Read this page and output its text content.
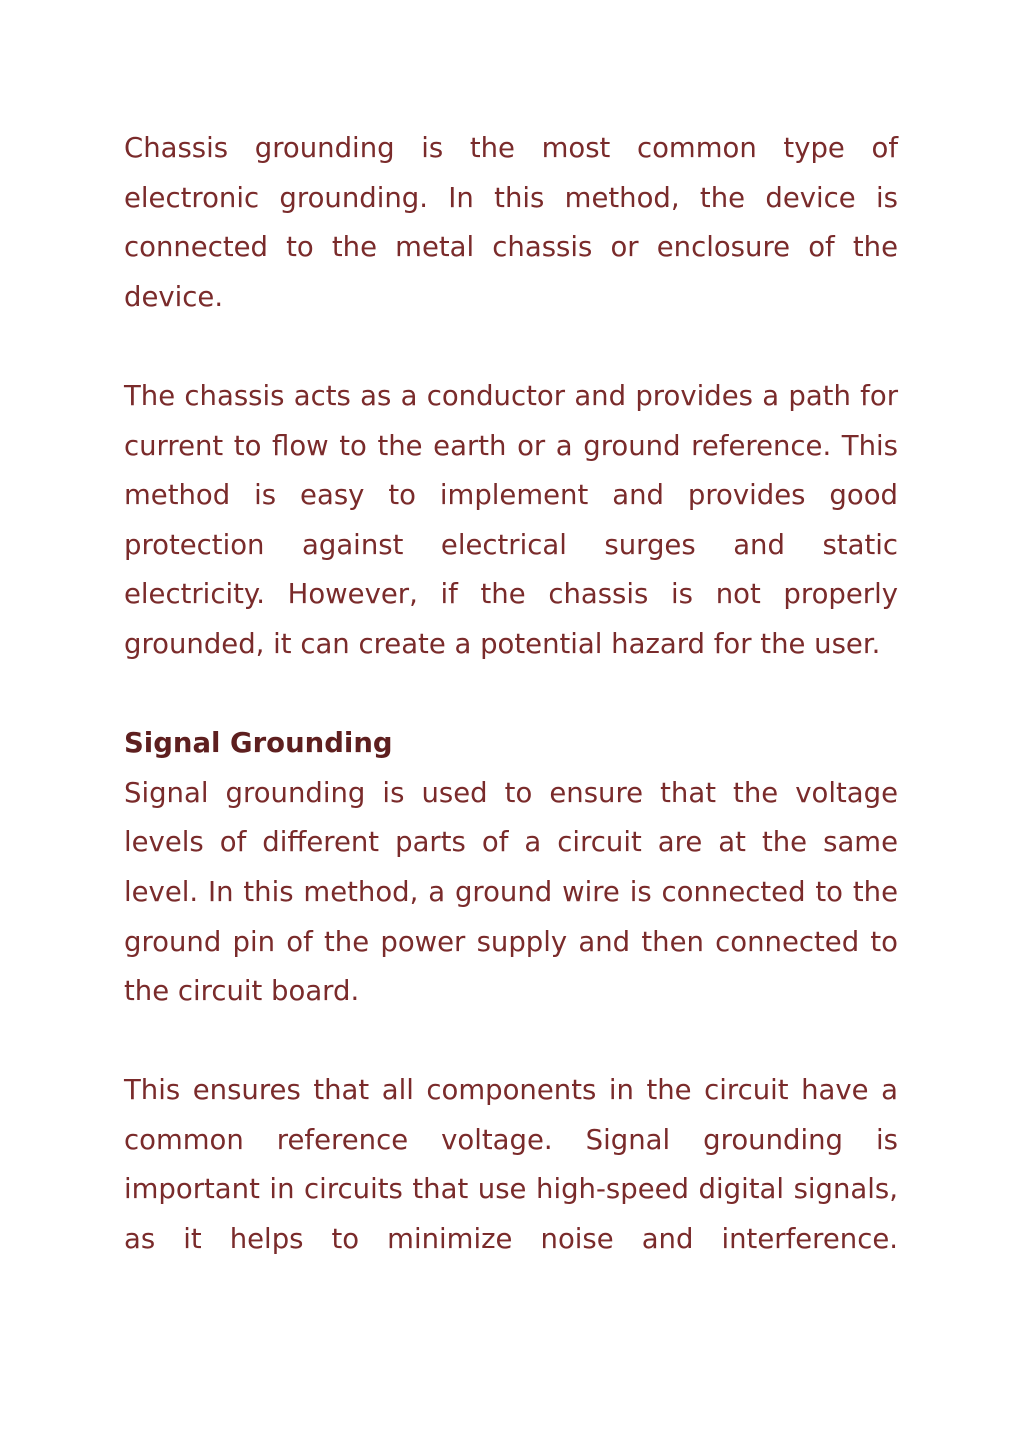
Chassis grounding is the most common type of electronic grounding. In this method, the device is connected to the metal chassis or enclosure of the device.

The chassis acts as a conductor and provides a path for current to flow to the earth or a ground reference. This method is easy to implement and provides good protection against electrical surges and static electricity. However, if the chassis is not properly grounded, it can create a potential hazard for the user.

Signal Grounding

Signal grounding is used to ensure that the voltage levels of different parts of a circuit are at the same level. In this method, a ground wire is connected to the ground pin of the power supply and then connected to the circuit board.

This ensures that all components in the circuit have a common reference voltage. Signal grounding is important in circuits that use high-speed digital signals, as it helps to minimize noise and interference.
